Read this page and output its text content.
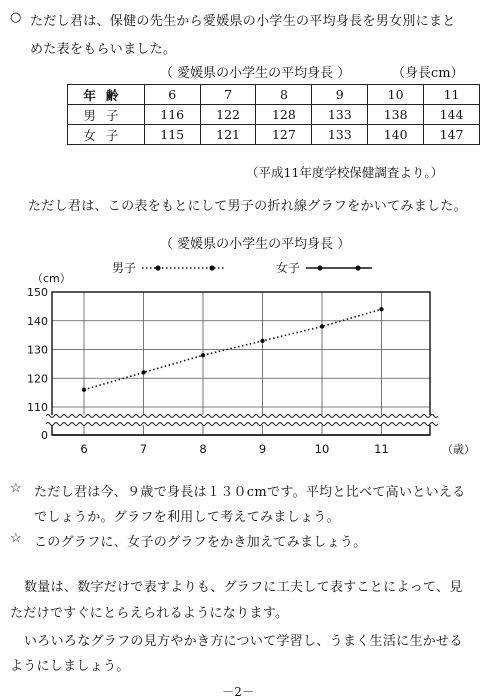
○ ただし君は、保健の先生から愛媛県の小学生の平均身長を男女別にまと
めた表をもらいました。
（ 愛媛県の小学生の平均身長 ）	（身長cm）
年齢	6	7	8	9	10	11
男子	116	122	128	133	138	144
女子	115	121	127	133	140	147
（平成11年度学校保健調査より。）
ただし君は、この表をもとにして男子の折れ線グラフをかいてみました。
（ 愛媛県の小学生の平均身長 ）
150
140
130
120
110
0
（cm）
6	7	8	9	10	11	（歳）
男子	女子
☆ ただし君は今、９歳で身長は１３０cmです。平均と比べて高いといえる
でしょうか。グラフを利用して考えてみましょう。
☆ このグラフに、女子のグラフをかき加えてみましょう。
数量は、数字だけで表すよりも、グラフに工夫して表すことによって、見
ただけですぐにとらえられるようになります。
いろいろなグラフの見方やかき方について学習し、うまく生活に生かせる
ようにしましょう。
－2－
